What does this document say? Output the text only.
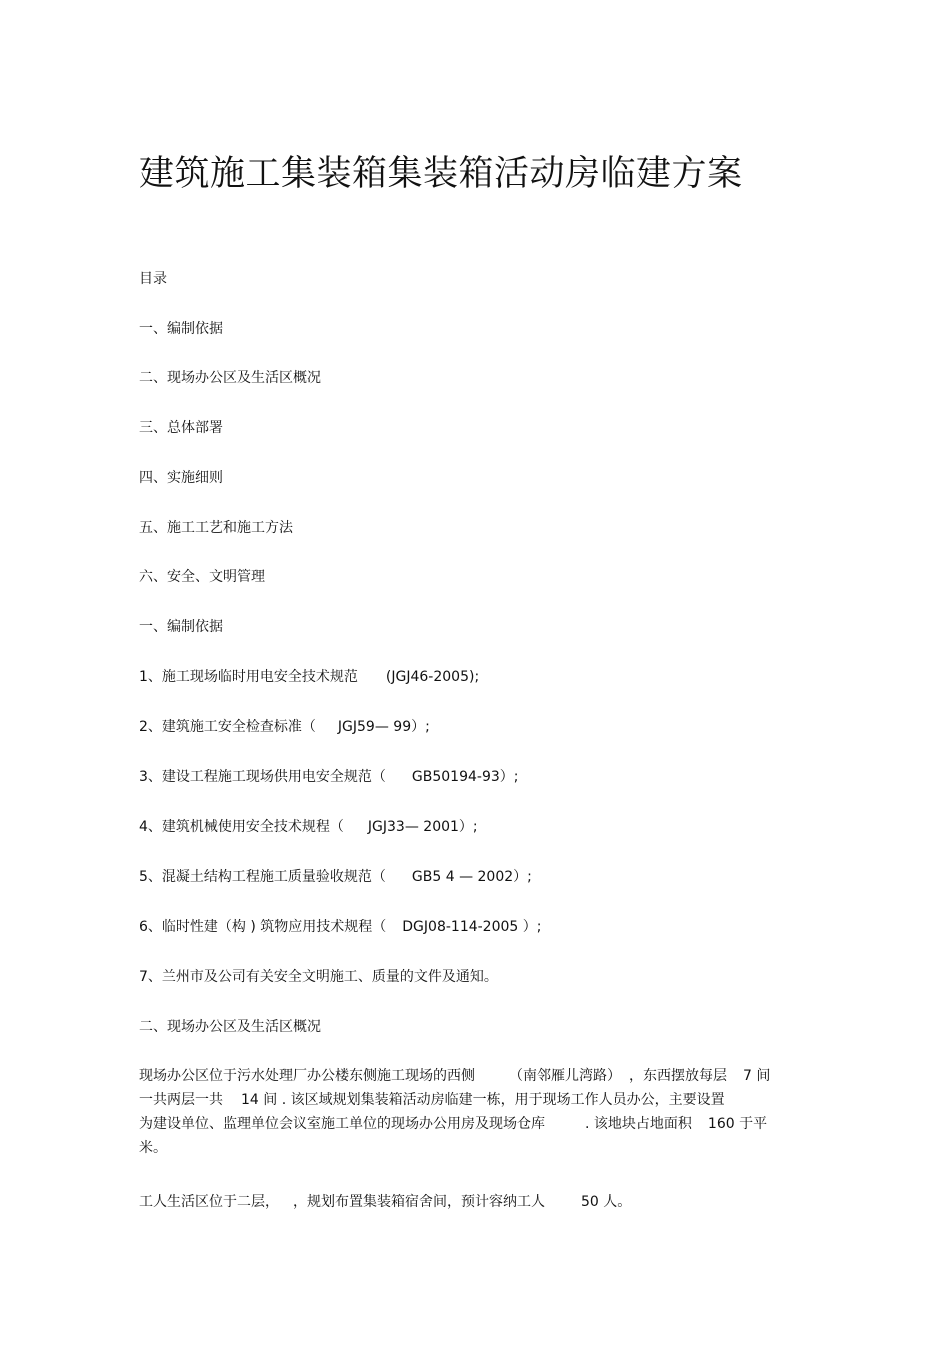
建筑施工集装箱集装箱活动房临建方案

目录

一、编制依据

二、现场办公区及生活区概况

三、总体部署

四、实施细则

五、施工工艺和施工方法

六、安全、文明管理

一、编制依据

1、施工现场临时用电安全技术规范 (JGJ46-2005);

2、建筑施工安全检查标准（ JGJ59— 99）;

3、建设工程施工现场供用电安全规范（ GB50194-93）;

4、建筑机械使用安全技术规程（ JGJ33— 2001）;

5、混凝土结构工程施工质量验收规范（ GB5 4 — 2002）;

6、临时性建（构 ) 筑物应用技术规程（ DGJ08-114-2005 ）;

7、兰州市及公司有关安全文明施工、质量的文件及通知。

二、现场办公区及生活区概况

现场办公区位于污水处理厂办公楼东侧施工现场的西侧 （南邻雁儿湾路） ，东西摆放每层 7 间
一共两层一共 14 间 . 该区域规划集装箱活动房临建一栋，用于现场工作人员办公，主要设置
为建设单位、监理单位会议室施工单位的现场办公用房及现场仓库	. 该地块占地面积 160 于平
米。

工人生活区位于二层， ，规划布置集装箱宿舍间，预计容纳工人	50 人。
